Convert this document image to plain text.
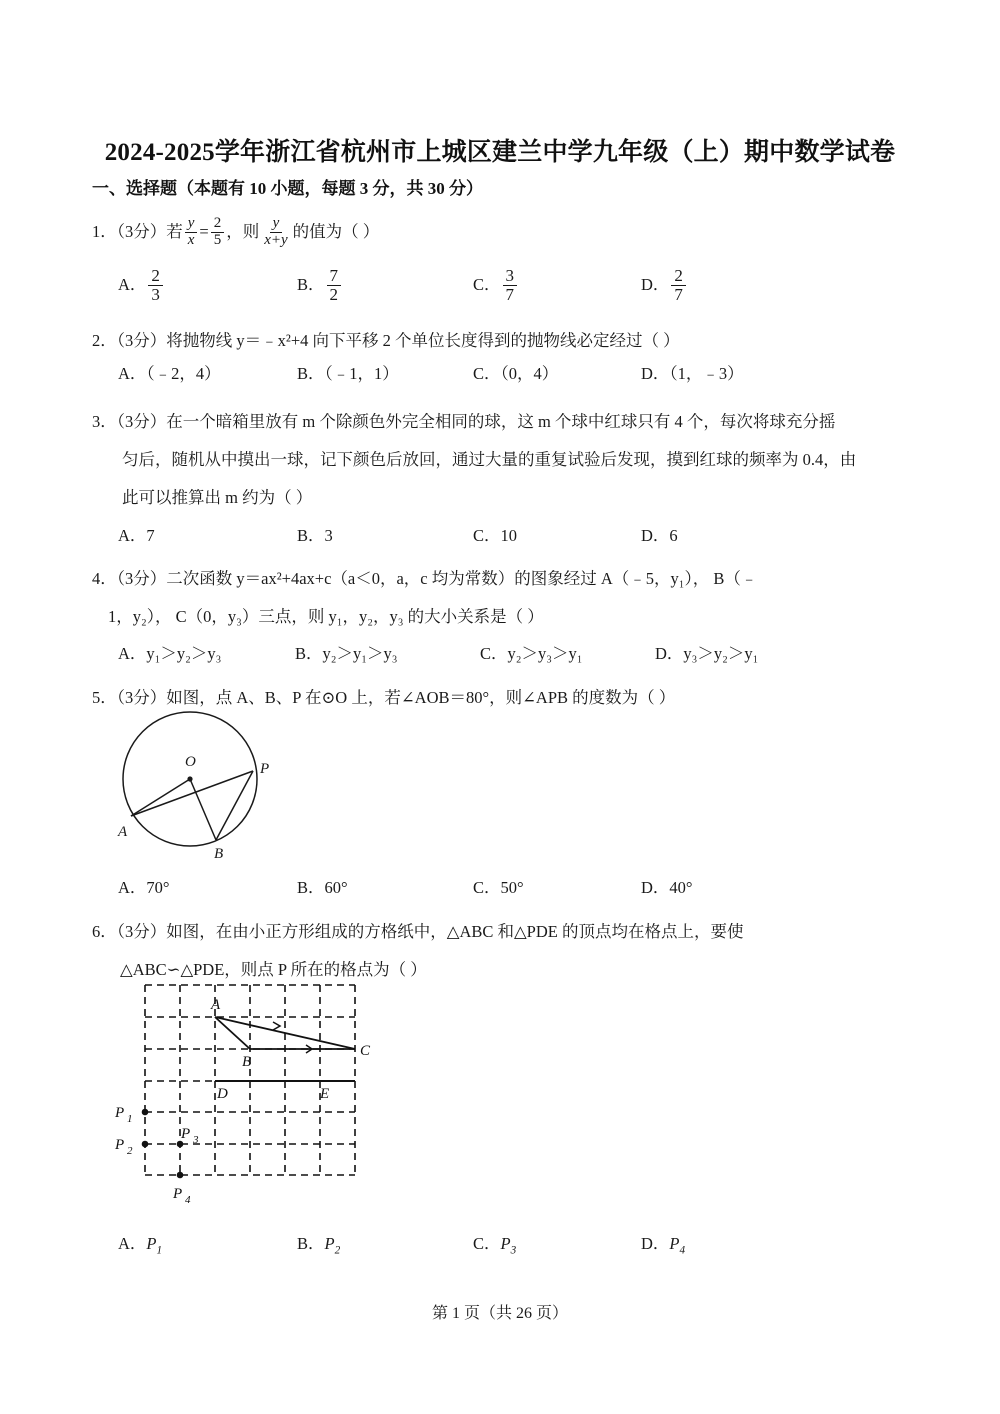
2024-2025学年浙江省杭州市上城区建兰中学九年级（上）期中数学试卷
一、选择题（本题有 10 小题，每题 3 分，共 30 分）
1．（3分）若 $\frac{y}{x} = \frac{2}{5}$ ，则 $\frac{y}{x+y}$ 的值为（ ）
A． $\frac{2}{3}$	B． $\frac{7}{2}$	C． $\frac{3}{7}$	D． $\frac{2}{7}$
2．（3分）将抛物线 y＝﹣x²+4 向下平移 2 个单位长度得到的抛物线必定经过（ ）
A．（﹣2，4）	B．（﹣1，1）	C．（0，4）	D．（1，﹣3）
3．（3分）在一个暗箱里放有 m 个除颜色外完全相同的球，这 m 个球中红球只有 4 个，每次将球充分摇
匀后，随机从中摸出一球，记下颜色后放回，通过大量的重复试验后发现，摸到红球的频率为 0.4，由
此可以推算出 m 约为（ ）
A．7	B．3	C．10	D．6
4．（3分）二次函数 y＝ax²+4ax+c（a＜0，a，c 均为常数）的图象经过 A（﹣5，y₁）， B（﹣
1，y₂）， C（0，y₃）三点，则 y₁，y₂，y₃ 的大小关系是（ ）
A．y₁＞y₂＞y₃	B．y₂＞y₁＞y₃	C．y₂＞y₃＞y₁	D．y₃＞y₂＞y₁
5．（3分）如图，点 A、B、P 在⊙O 上，若∠AOB＝80°，则∠APB 的度数为（ ）
O	P
A
B
A．70°	B．60°	C．50°	D．40°
6．（3分）如图，在由小正方形组成的方格纸中，△ABC 和△PDE 的顶点均在格点上，要使
△ABC∽△PDE，则点 P 所在的格点为（ ）
A
B
C
D	E
P 1
P 2
P 3
P 4
A．$P_1$	B．$P_2$	C．$P_3$	D．$P_4$
第 1 页（共 26 页）
